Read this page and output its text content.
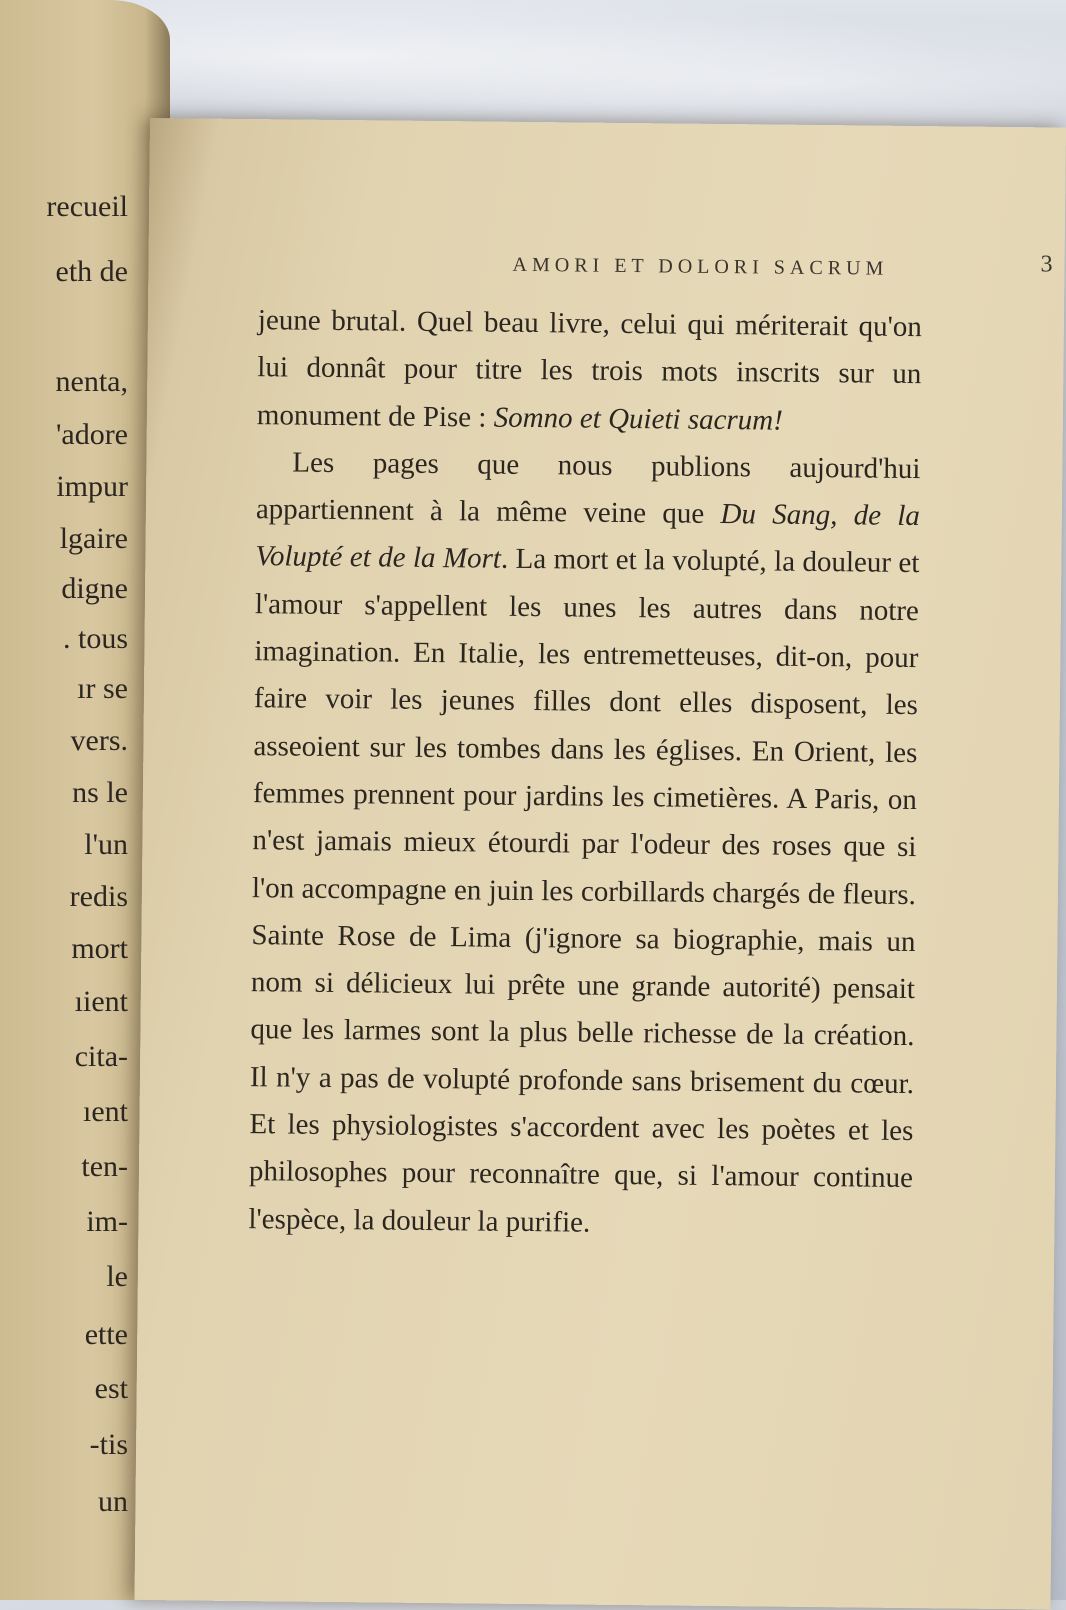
recueil
eth de
nenta,
'adore
impur
lgaire
digne
. tous
ır se
vers.
ns le
l'un
redis
mort
ıient
cita-
ıent
ten-
im-
le
ette
est
-tis
un
AMORI ET DOLORI SACRUM	3

jeune brutal. Quel beau livre, celui qui mériterait qu'on lui donnât pour titre les trois mots inscrits sur un monument de Pise : Somno et Quieti sacrum!

Les pages que nous publions aujourd'hui appartiennent à la même veine que Du Sang, de la Volupté et de la Mort. La mort et la volupté, la douleur et l'amour s'appellent les unes les autres dans notre imagination. En Italie, les entremetteuses, dit-on, pour faire voir les jeunes filles dont elles disposent, les asseoient sur les tombes dans les églises. En Orient, les femmes prennent pour jardins les cimetières. A Paris, on n'est jamais mieux étourdi par l'odeur des roses que si l'on accompagne en juin les corbillards chargés de fleurs. Sainte Rose de Lima (j'ignore sa biographie, mais un nom si délicieux lui prête une grande autorité) pensait que les larmes sont la plus belle richesse de la création. Il n'y a pas de volupté profonde sans brisement du cœur. Et les physiologistes s'accordent avec les poètes et les philosophes pour reconnaître que, si l'amour continue l'espèce, la douleur la purifie.
